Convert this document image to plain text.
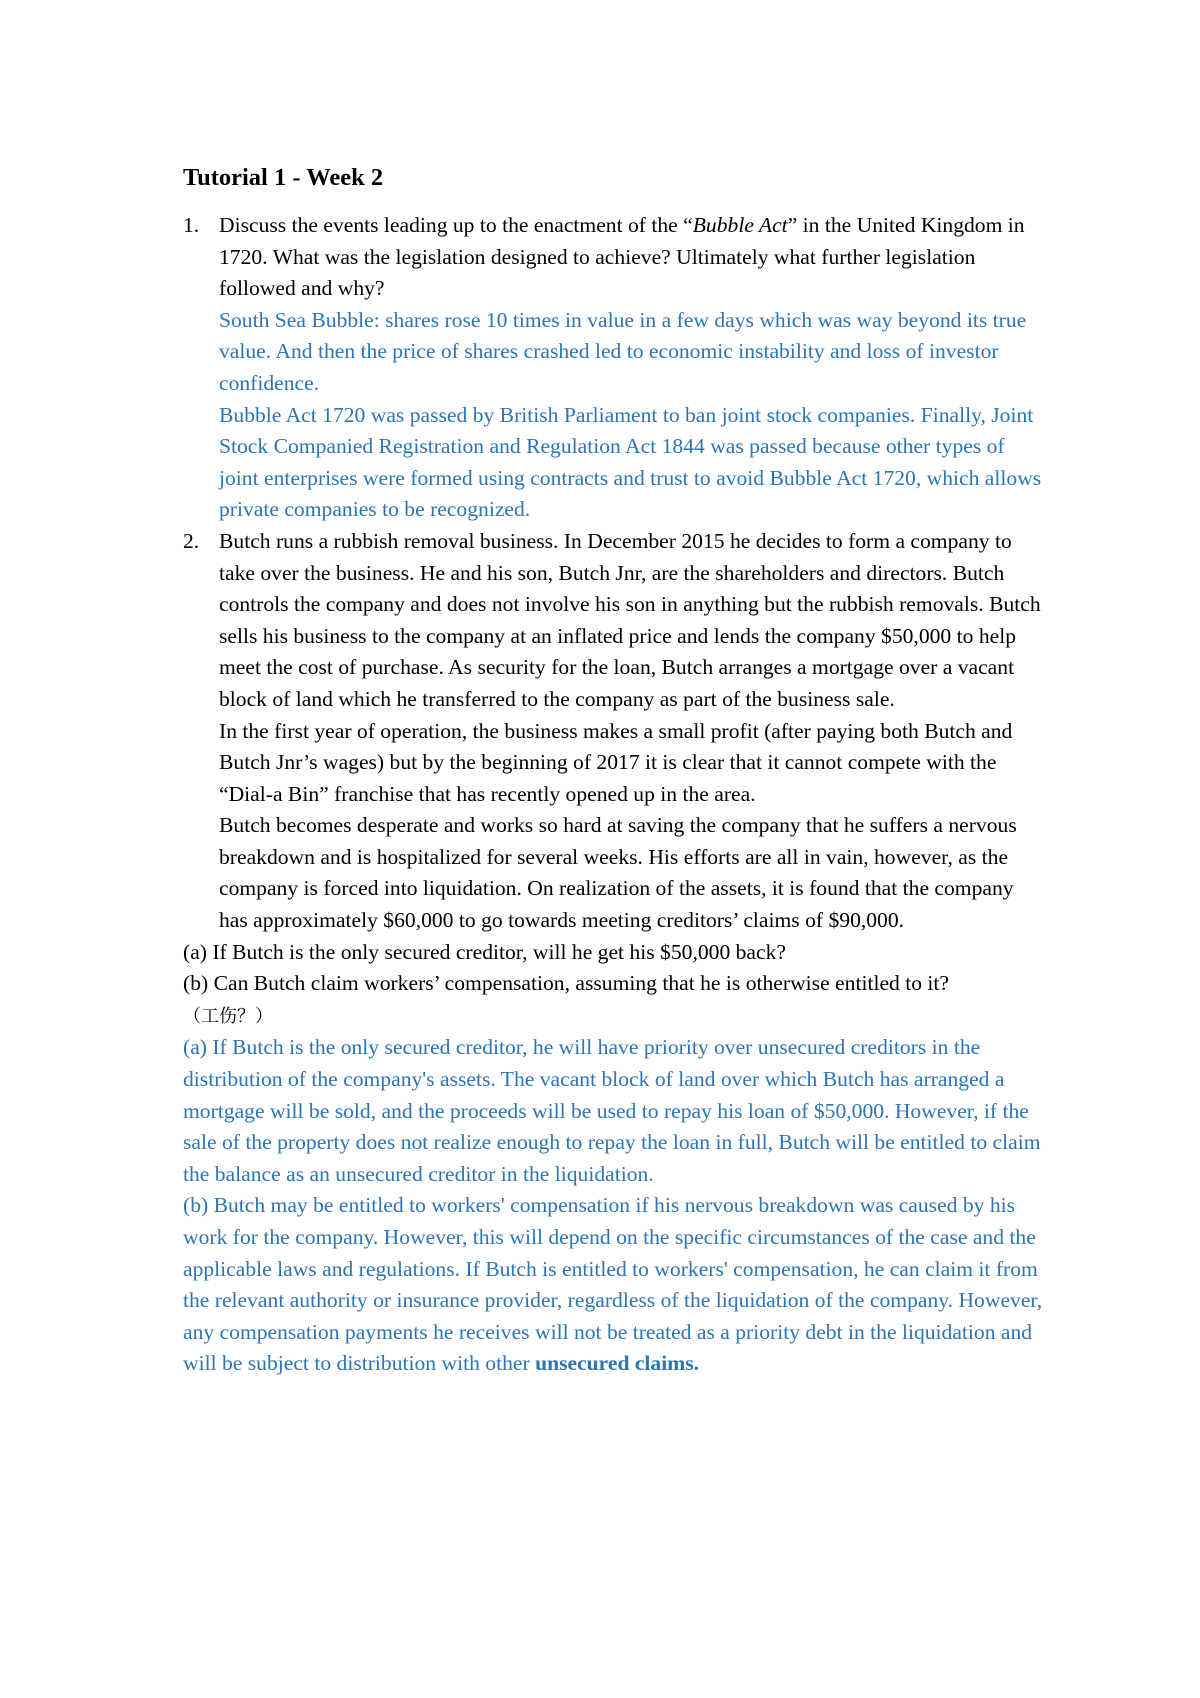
Tutorial 1 - Week 2
1. Discuss the events leading up to the enactment of the “Bubble Act” in the United Kingdom in 1720. What was the legislation designed to achieve? Ultimately what further legislation followed and why?

South Sea Bubble: shares rose 10 times in value in a few days which was way beyond its true value. And then the price of shares crashed led to economic instability and loss of investor confidence.

Bubble Act 1720 was passed by British Parliament to ban joint stock companies. Finally, Joint Stock Companied Registration and Regulation Act 1844 was passed because other types of joint enterprises were formed using contracts and trust to avoid Bubble Act 1720, which allows private companies to be recognized.

2. Butch runs a rubbish removal business. In December 2015 he decides to form a company to take over the business. He and his son, Butch Jnr, are the shareholders and directors. Butch controls the company and does not involve his son in anything but the rubbish removals. Butch sells his business to the company at an inflated price and lends the company $50,000 to help meet the cost of purchase. As security for the loan, Butch arranges a mortgage over a vacant block of land which he transferred to the company as part of the business sale.

In the first year of operation, the business makes a small profit (after paying both Butch and Butch Jnr’s wages) but by the beginning of 2017 it is clear that it cannot compete with the “Dial-a Bin” franchise that has recently opened up in the area.

Butch becomes desperate and works so hard at saving the company that he suffers a nervous breakdown and is hospitalized for several weeks. His efforts are all in vain, however, as the company is forced into liquidation. On realization of the assets, it is found that the company has approximately $60,000 to go towards meeting creditors’ claims of $90,000.

(a) If Butch is the only secured creditor, will he get his $50,000 back?

(b) Can Butch claim workers’ compensation, assuming that he is otherwise entitled to it? （工伤？）

(a) If Butch is the only secured creditor, he will have priority over unsecured creditors in the distribution of the company's assets. The vacant block of land over which Butch has arranged a mortgage will be sold, and the proceeds will be used to repay his loan of $50,000. However, if the sale of the property does not realize enough to repay the loan in full, Butch will be entitled to claim the balance as an unsecured creditor in the liquidation.

(b) Butch may be entitled to workers' compensation if his nervous breakdown was caused by his work for the company. However, this will depend on the specific circumstances of the case and the applicable laws and regulations. If Butch is entitled to workers' compensation, he can claim it from the relevant authority or insurance provider, regardless of the liquidation of the company. However, any compensation payments he receives will not be treated as a priority debt in the liquidation and will be subject to distribution with other unsecured claims.
